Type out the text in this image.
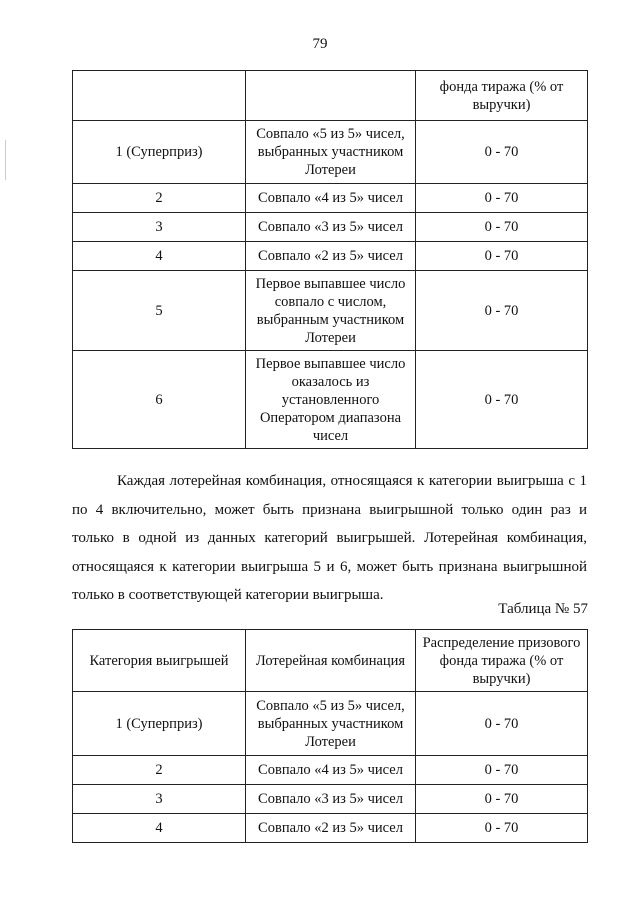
79
		фонда тиража (% от выручки)
1 (Суперприз)	Совпало «5 из 5» чисел, выбранных участником Лотереи	0 - 70
2	Совпало «4 из 5» чисел	0 - 70
3	Совпало «3 из 5» чисел	0 - 70
4	Совпало «2 из 5» чисел	0 - 70
5	Первое выпавшее число совпало с числом, выбранным участником Лотереи	0 - 70
6	Первое выпавшее число оказалось из установленного Оператором диапазона чисел	0 - 70

Каждая лотерейная комбинация, относящаяся к категории выигрыша с 1 по 4 включительно, может быть признана выигрышной только один раз и только в одной из данных категорий выигрышей. Лотерейная комбинация, относящаяся к категории выигрыша 5 и 6, может быть признана выигрышной только в соответствующей категории выигрыша.

Таблица № 57
Категория выигрышей	Лотерейная комбинация	Распределение призового фонда тиража (% от выручки)
1 (Суперприз)	Совпало «5 из 5» чисел, выбранных участником Лотереи	0 - 70
2	Совпало «4 из 5» чисел	0 - 70
3	Совпало «3 из 5» чисел	0 - 70
4	Совпало «2 из 5» чисел	0 - 70
